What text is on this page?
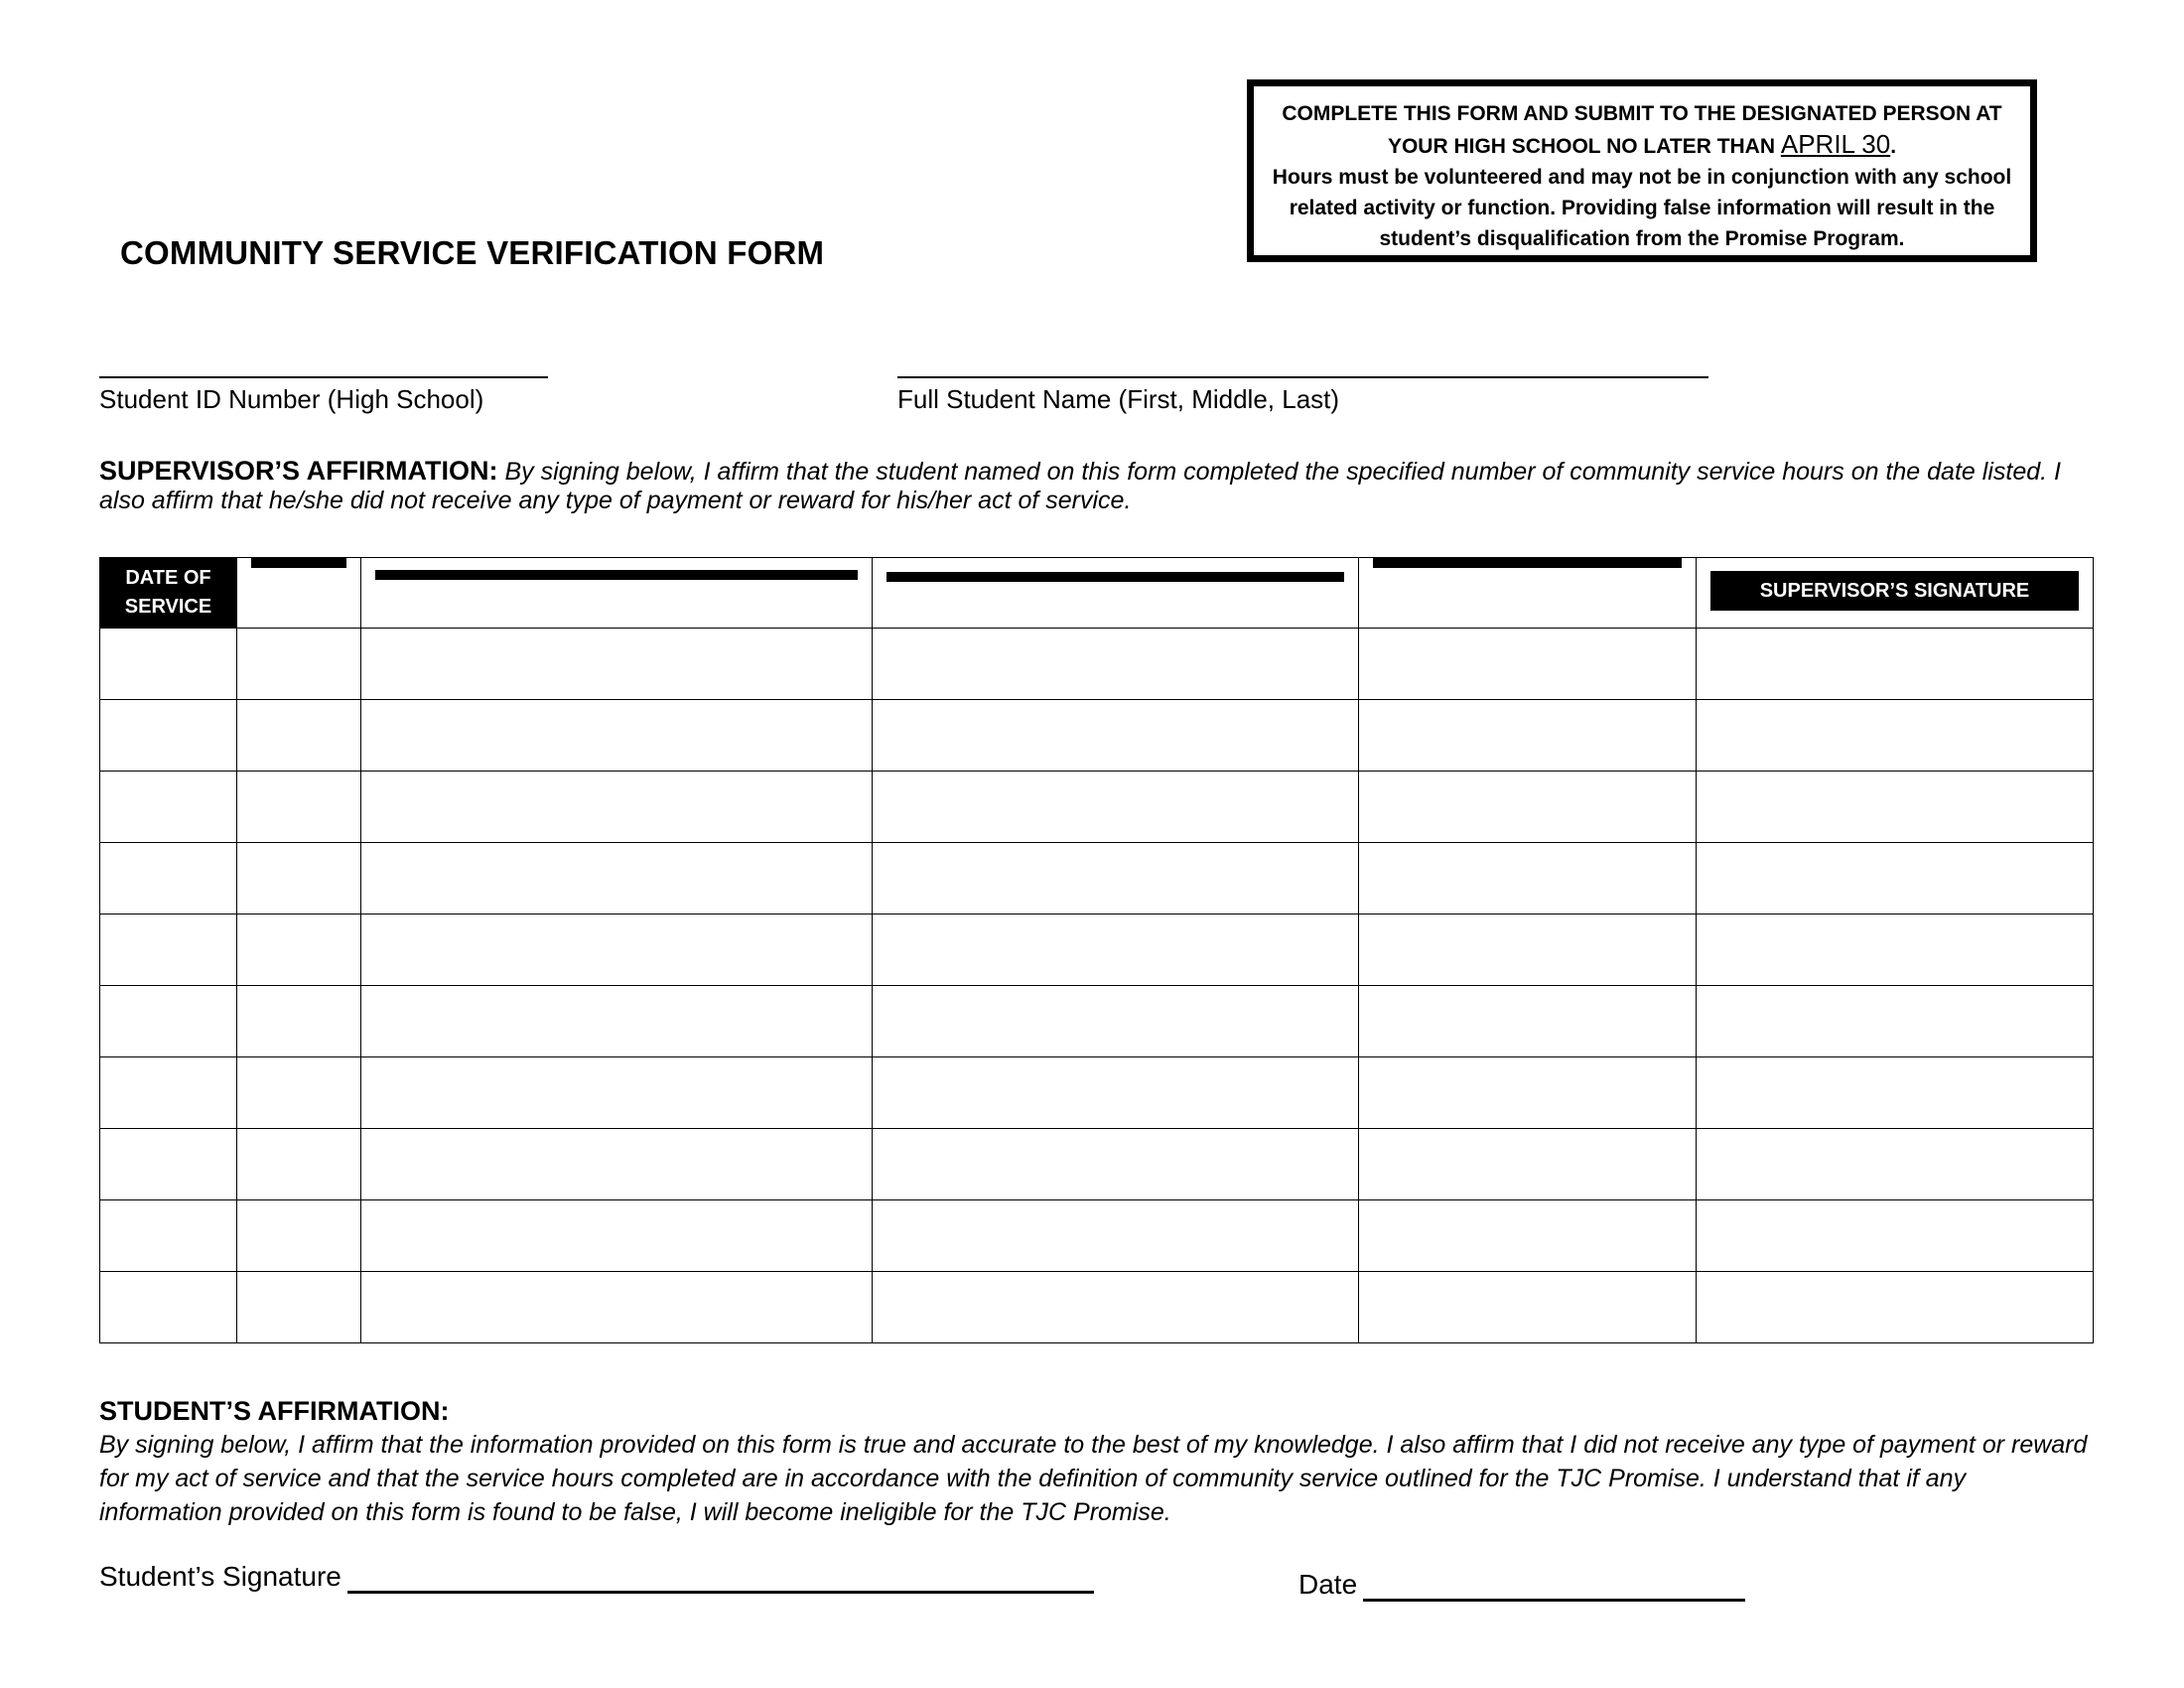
COMMUNITY SERVICE VERIFICATION FORM
COMPLETE THIS FORM AND SUBMIT TO THE DESIGNATED PERSON AT
YOUR HIGH SCHOOL NO LATER THAN APRIL 30.
Hours must be volunteered and may not be in conjunction with any school related activity or function. Providing false information will result in the student’s disqualification from the Promise Program.
Student ID Number (High School)	Full Student Name (First, Middle, Last)
SUPERVISOR’S AFFIRMATION: By signing below, I affirm that the student named on this form completed the specified number of community service hours on the date listed. I also affirm that he/she did not receive any type of payment or reward for his/her act of service.
DATE OF SERVICE					SUPERVISOR’S SIGNATURE

STUDENT’S AFFIRMATION:
By signing below, I affirm that the information provided on this form is true and accurate to the best of my knowledge. I also affirm that I did not receive any type of payment or reward for my act of service and that the service hours completed are in accordance with the definition of community service outlined for the TJC Promise. I understand that if any information provided on this form is found to be false, I will become ineligible for the TJC Promise.
Student’s Signature	Date
